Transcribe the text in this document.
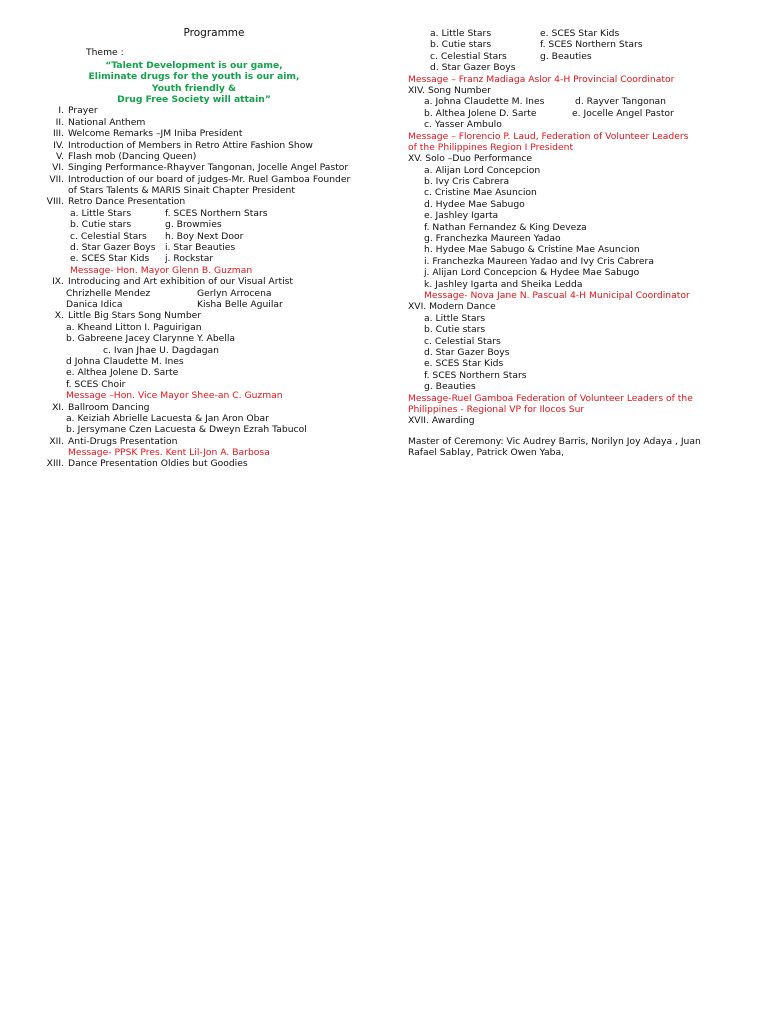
Programme
Theme :
“Talent Development is our game,
Eliminate drugs for the youth is our aim,
Youth friendly &
Drug Free Society will attain”
I. Prayer
II. National Anthem
III. Welcome Remarks –JM Iniba President
IV. Introduction of Members in Retro Attire Fashion Show
V. Flash mob (Dancing Queen)
VI. Singing Performance-Rhayver Tangonan, Jocelle Angel Pastor
VII. Introduction of our board of judges-Mr. Ruel Gamboa Founder
of Stars Talents & MARIS Sinait Chapter President
VIII. Retro Dance Presentation
a. Little Stars	f. SCES Northern Stars
b. Cutie stars	g. Browmies
c. Celestial Stars	h. Boy Next Door
d. Star Gazer Boys	i. Star Beauties
e. SCES Star Kids	j. Rockstar
Message- Hon. Mayor Glenn B. Guzman
IX. Introducing and Art exhibition of our Visual Artist
Chrizhelle Mendez	Gerlyn Arrocena
Danica Idica	Kisha Belle Aguilar
X. Little Big Stars Song Number
a. Kheand Litton I. Paguirigan
b. Gabreene Jacey Clarynne Y. Abella
c. Ivan Jhae U. Dagdagan
d Johna Claudette M. Ines
e. Althea Jolene D. Sarte
f. SCES Choir
Message –Hon. Vice Mayor Shee-an C. Guzman
XI. Ballroom Dancing
a. Keiziah Abrielle Lacuesta & Jan Aron Obar
b. Jersymane Czen Lacuesta & Dweyn Ezrah Tabucol
XII. Anti-Drugs Presentation
Message- PPSK Pres. Kent Lil-Jon A. Barbosa
XIII. Dance Presentation Oldies but Goodies
a. Little Stars	e. SCES Star Kids
b. Cutie stars	f. SCES Northern Stars
c. Celestial Stars	g. Beauties
d. Star Gazer Boys
Message – Franz Madiaga Aslor 4-H Provincial Coordinator
XIV. Song Number
a. Johna Claudette M. Ines	d. Rayver Tangonan
b. Althea Jolene D. Sarte	e. Jocelle Angel Pastor
c. Yasser Ambulo
Message – Florencio P. Laud, Federation of Volunteer Leaders
of the Philippines Region I President
XV. Solo –Duo Performance
a. Alijan Lord Concepcion
b. Ivy Cris Cabrera
c. Cristine Mae Asuncion
d. Hydee Mae Sabugo
e. Jashley Igarta
f. Nathan Fernandez & King Deveza
g. Franchezka Maureen Yadao
h. Hydee Mae Sabugo & Cristine Mae Asuncion
i. Franchezka Maureen Yadao and Ivy Cris Cabrera
j. Alijan Lord Concepcion & Hydee Mae Sabugo
k. Jashley Igarta and Sheika Ledda
Message- Nova Jane N. Pascual 4-H Municipal Coordinator
XVI. Modern Dance
a. Little Stars
b. Cutie stars
c. Celestial Stars
d. Star Gazer Boys
e. SCES Star Kids
f. SCES Northern Stars
g. Beauties
Message-Ruel Gamboa Federation of Volunteer Leaders of the
Philippines - Regional VP for Ilocos Sur
XVII. Awarding
Master of Ceremony: Vic Audrey Barris, Norilyn Joy Adaya , Juan
Rafael Sablay, Patrick Owen Yaba,
